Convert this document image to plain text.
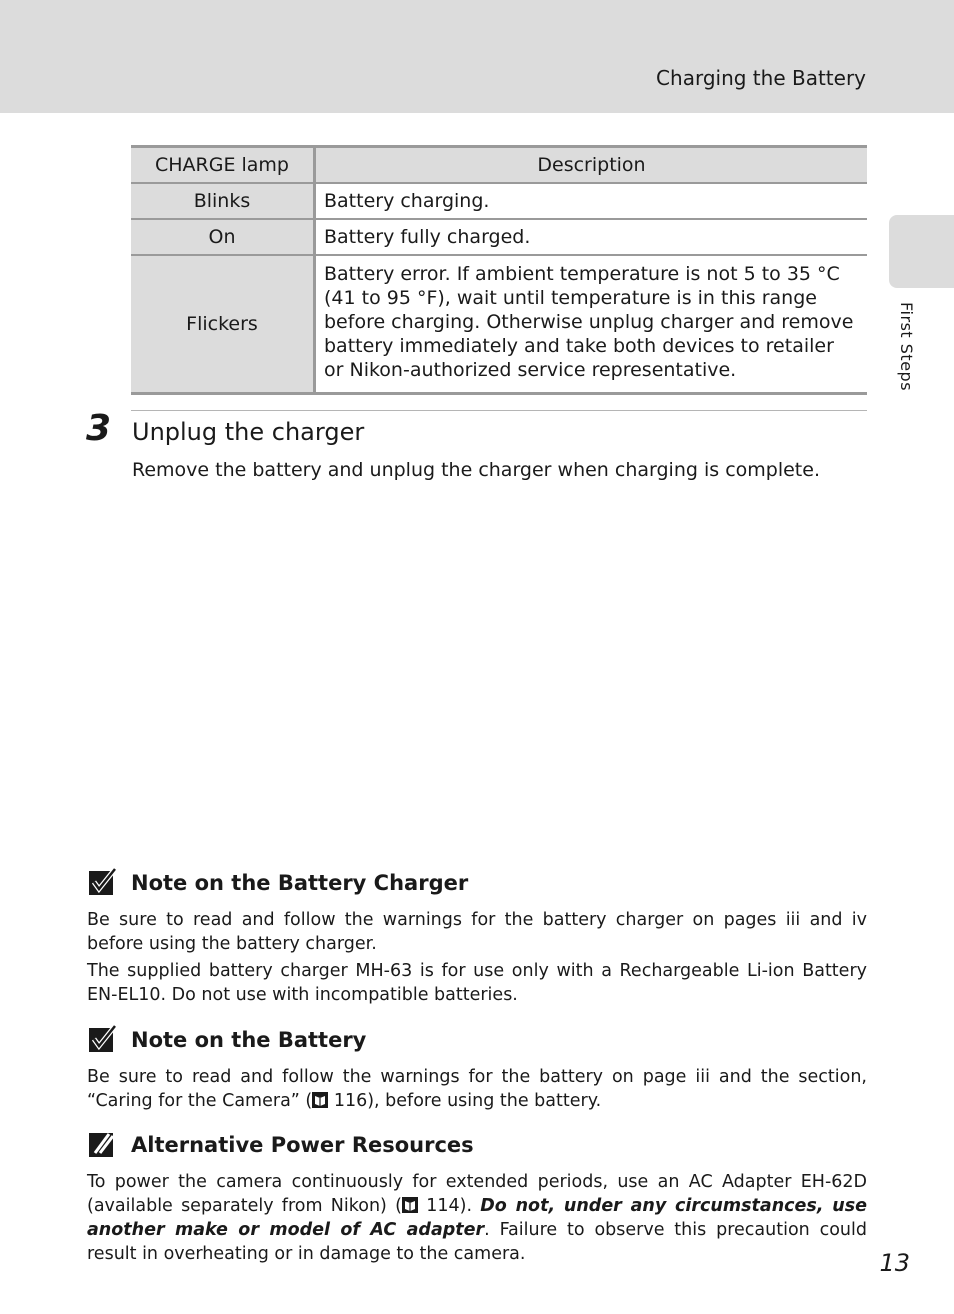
Charging the Battery
First Steps
CHARGE lamp	Description
Blinks	Battery charging.
On	Battery fully charged.
Flickers	Battery error. If ambient temperature is not 5 to 35 °C (41 to 95 °F), wait until temperature is in this range before charging. Otherwise unplug charger and remove battery immediately and take both devices to retailer or Nikon-authorized service representative.
3 Unplug the charger
Remove the battery and unplug the charger when charging is complete.
Note on the Battery Charger

Be sure to read and follow the warnings for the battery charger on pages iii and iv before using the battery charger.

The supplied battery charger MH-63 is for use only with a Rechargeable Li-ion Battery EN-EL10. Do not use with incompatible batteries.

Note on the Battery

Be sure to read and follow the warnings for the battery on page iii and the section, “Caring for the Camera” ( 116), before using the battery.

Alternative Power Resources

To power the camera continuously for extended periods, use an AC Adapter EH-62D (available separately from Nikon) ( 114). Do not, under any circumstances, use another make or model of AC adapter. Failure to observe this precaution could result in overheating or in damage to the camera.	13
